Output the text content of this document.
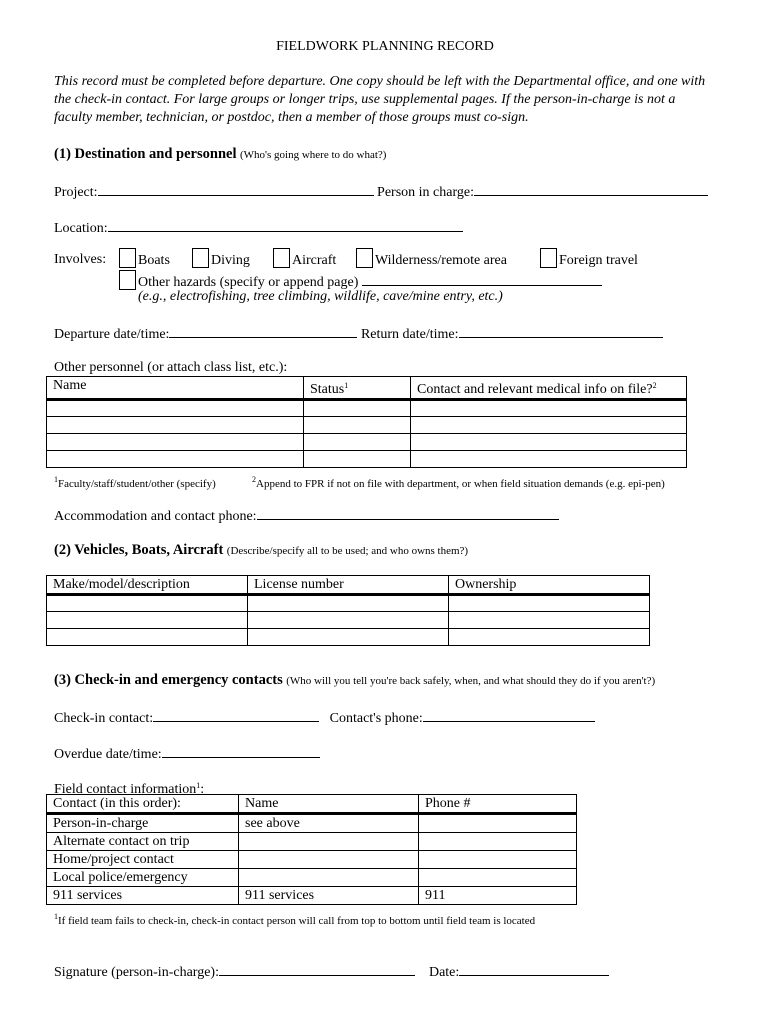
FIELDWORK PLANNING RECORD
This record must be completed before departure. One copy should be left with the Departmental office, and one with the check-in contact. For large groups or longer trips, use supplemental pages. If the person-in-charge is not a faculty member, technician, or postdoc, then a member of those groups must co-sign.
(1) Destination and personnel (Who's going where to do what?)
Project:	Person in charge:
Location:
Involves:	Boats	Diving	Aircraft	Wilderness/remote area	Foreign travel
Other hazards (specify or append page)
(e.g., electrofishing, tree climbing, wildlife, cave/mine entry, etc.)
Departure date/time:	Return date/time:
Other personnel (or attach class list, etc.):
Name	Status$^1$	Contact and relevant medical info on file?$^2$

$^1$Faculty/staff/student/other (specify)	$^2$Append to FPR if not on file with department, or when field situation demands (e.g. epi-pen)
Accommodation and contact phone:
(2) Vehicles, Boats, Aircraft (Describe/specify all to be used; and who owns them?)
Make/model/description	License number	Ownership

(3) Check-in and emergency contacts (Who will you tell you're back safely, when, and what should they do if you aren't?)
Check-in contact:	Contact's phone:
Overdue date/time:
Field contact information$^1$:
Contact (in this order):	Name	Phone #
Person-in-charge	see above	
Alternate contact on trip		
Home/project contact		
Local police/emergency		
911 services	911 services	911
$^1$If field team fails to check-in, check-in contact person will call from top to bottom until field team is located
Signature (person-in-charge):	Date:
